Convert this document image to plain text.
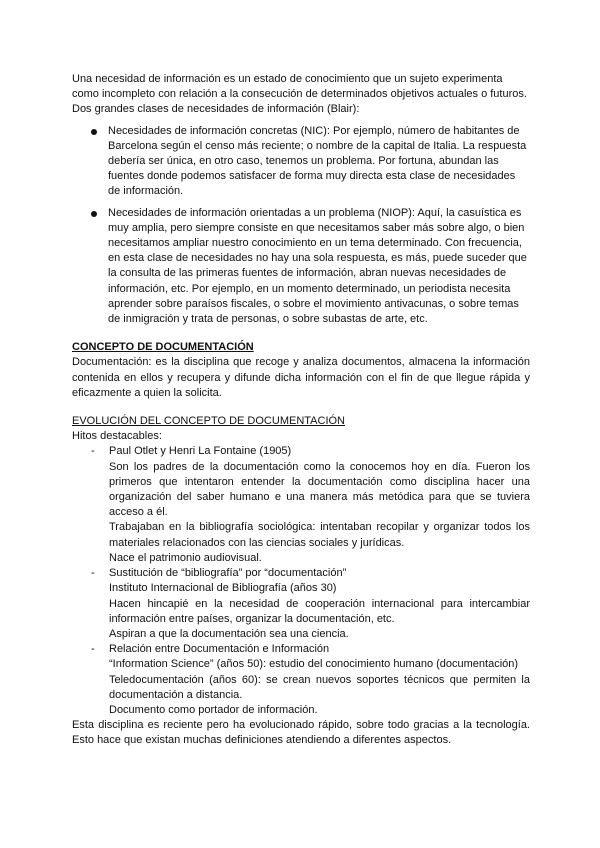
Una necesidad de información es un estado de conocimiento que un sujeto experimenta como incompleto con relación a la consecución de determinados objetivos actuales o futuros. Dos grandes clases de necesidades de información (Blair):

Necesidades de información concretas (NIC): Por ejemplo, número de habitantes de Barcelona según el censo más reciente; o nombre de la capital de Italia. La respuesta debería ser única, en otro caso, tenemos un problema. Por fortuna, abundan las fuentes donde podemos satisfacer de forma muy directa esta clase de necesidades de información.
Necesidades de información orientadas a un problema (NIOP): Aquí, la casuística es muy amplia, pero siempre consiste en que necesitamos saber más sobre algo, o bien necesitamos ampliar nuestro conocimiento en un tema determinado. Con frecuencia, en esta clase de necesidades no hay una sola respuesta, es más, puede suceder que la consulta de las primeras fuentes de información, abran nuevas necesidades de información, etc. Por ejemplo, en un momento determinado, un periodista necesita aprender sobre paraísos fiscales, o sobre el movimiento antivacunas, o sobre temas de inmigración y trata de personas, o sobre subastas de arte, etc.

CONCEPTO DE DOCUMENTACIÓN

Documentación: es la disciplina que recoge y analiza documentos, almacena la información contenida en ellos y recupera y difunde dicha información con el fin de que llegue rápida y eficazmente a quien la solicita.

EVOLUCIÓN DEL CONCEPTO DE DOCUMENTACIÓN

Hitos destacables:

- Paul Otlet y Henri La Fontaine (1905)

Son los padres de la documentación como la conocemos hoy en día. Fueron los primeros que intentaron entender la documentación como disciplina hacer una organización del saber humano e una manera más metódica para que se tuviera acceso a él.

Trabajaban en la bibliografía sociológica: intentaban recopilar y organizar todos los materiales relacionados con las ciencias sociales y jurídicas.

Nace el patrimonio audiovisual.

- Sustitución de “bibliografía” por “documentación”

Instituto Internacional de Bibliografía (años 30)

Hacen hincapié en la necesidad de cooperación internacional para intercambiar información entre países, organizar la documentación, etc.

Aspiran a que la documentación sea una ciencia.

- Relación entre Documentación e Información

“Information Science” (años 50): estudio del conocimiento humano (documentación)

Teledocumentación (años 60): se crean nuevos soportes técnicos que permiten la documentación a distancia.

Documento como portador de información.

Esta disciplina es reciente pero ha evolucionado rápido, sobre todo gracias a la tecnología. Esto hace que existan muchas definiciones atendiendo a diferentes aspectos.
